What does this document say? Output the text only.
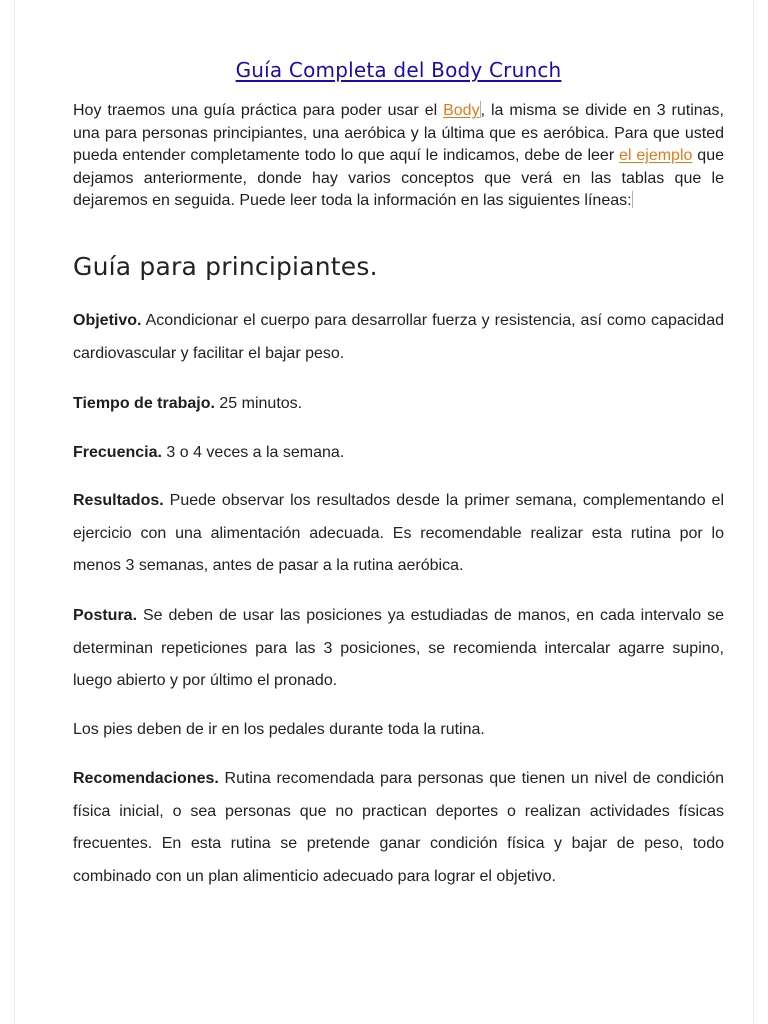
Guía Completa del Body Crunch
Hoy traemos una guía práctica para poder usar el Body, la misma se divide en 3 rutinas, una para personas principiantes, una aeróbica y la última que es aeróbica. Para que usted pueda entender completamente todo lo que aquí le indicamos, debe de leer el ejemplo que dejamos anteriormente, donde hay varios conceptos que verá en las tablas que le dejaremos en seguida. Puede leer toda la información en las siguientes líneas:
Guía para principiantes.
Objetivo. Acondicionar el cuerpo para desarrollar fuerza y resistencia, así como capacidad cardiovascular y facilitar el bajar peso.
Tiempo de trabajo. 25 minutos.
Frecuencia. 3 o 4 veces a la semana.
Resultados. Puede observar los resultados desde la primer semana, complementando el ejercicio con una alimentación adecuada. Es recomendable realizar esta rutina por lo menos 3 semanas, antes de pasar a la rutina aeróbica.
Postura. Se deben de usar las posiciones ya estudiadas de manos, en cada intervalo se determinan repeticiones para las 3 posiciones, se recomienda intercalar agarre supino, luego abierto y por último el pronado.
Los pies deben de ir en los pedales durante toda la rutina.
Recomendaciones. Rutina recomendada para personas que tienen un nivel de condición física inicial, o sea personas que no practican deportes o realizan actividades físicas frecuentes. En esta rutina se pretende ganar condición física y bajar de peso, todo combinado con un plan alimenticio adecuado para lograr el objetivo.
